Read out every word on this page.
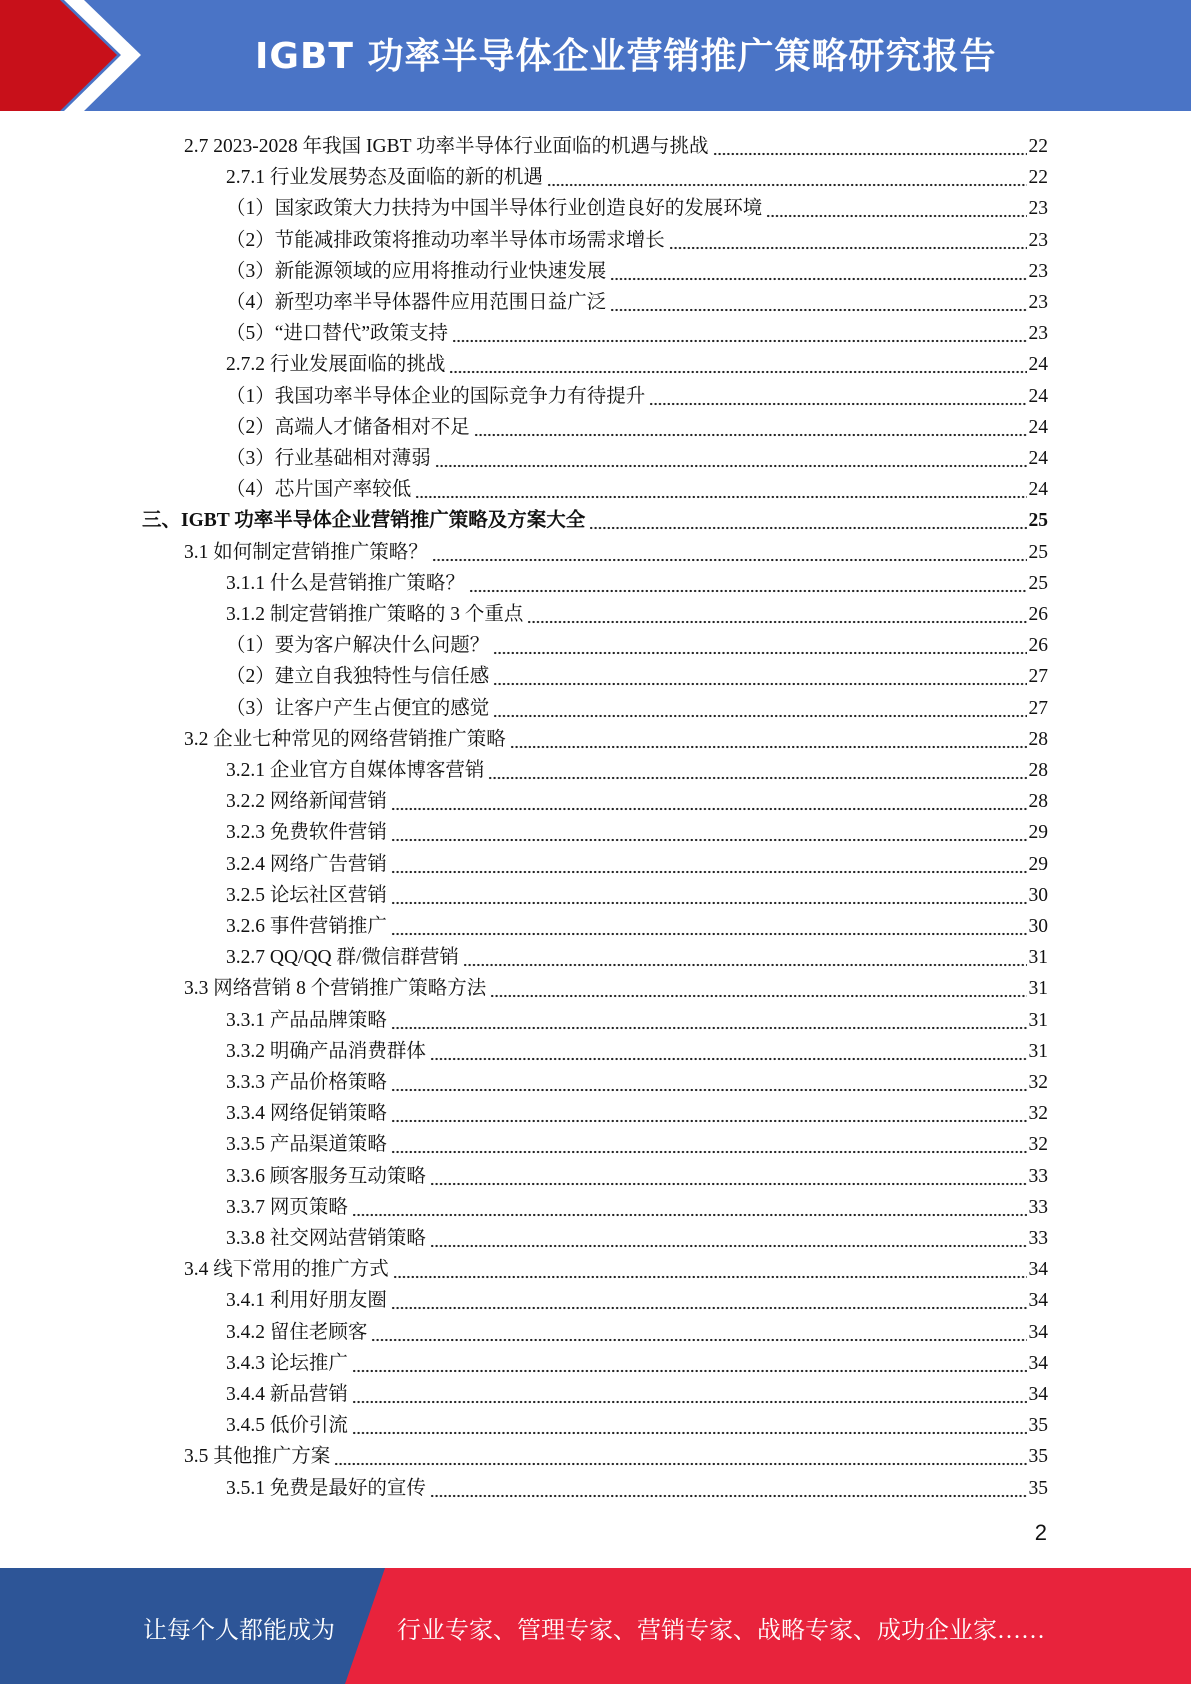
IGBT 功率半导体企业营销推广策略研究报告
2.7 2023-2028 年我国 IGBT 功率半导体行业面临的机遇与挑战	22
2.7.1 行业发展势态及面临的新的机遇	22
（1）国家政策大力扶持为中国半导体行业创造良好的发展环境	23
（2）节能减排政策将推动功率半导体市场需求增长	23
（3）新能源领域的应用将推动行业快速发展	23
（4）新型功率半导体器件应用范围日益广泛	23
（5）“进口替代”政策支持	23
2.7.2 行业发展面临的挑战	24
（1）我国功率半导体企业的国际竞争力有待提升	24
（2）高端人才储备相对不足	24
（3）行业基础相对薄弱	24
（4）芯片国产率较低	24
三、IGBT 功率半导体企业营销推广策略及方案大全	25
3.1 如何制定营销推广策略？	25
3.1.1 什么是营销推广策略？	25
3.1.2 制定营销推广策略的 3 个重点	26
（1）要为客户解决什么问题？	26
（2）建立自我独特性与信任感	27
（3）让客户产生占便宜的感觉	27
3.2 企业七种常见的网络营销推广策略	28
3.2.1 企业官方自媒体博客营销	28
3.2.2 网络新闻营销	28
3.2.3 免费软件营销	29
3.2.4 网络广告营销	29
3.2.5 论坛社区营销	30
3.2.6 事件营销推广	30
3.2.7 QQ/QQ 群/微信群营销	31
3.3 网络营销 8 个营销推广策略方法	31
3.3.1 产品品牌策略	31
3.3.2 明确产品消费群体	31
3.3.3 产品价格策略	32
3.3.4 网络促销策略	32
3.3.5 产品渠道策略	32
3.3.6 顾客服务互动策略	33
3.3.7 网页策略	33
3.3.8 社交网站营销策略	33
3.4 线下常用的推广方式	34
3.4.1 利用好朋友圈	34
3.4.2 留住老顾客	34
3.4.3 论坛推广	34
3.4.4 新品营销	34
3.4.5 低价引流	35
3.5 其他推广方案	35
3.5.1 免费是最好的宣传	35
2
让每个人都能成为	行业专家、管理专家、营销专家、战略专家、成功企业家……
